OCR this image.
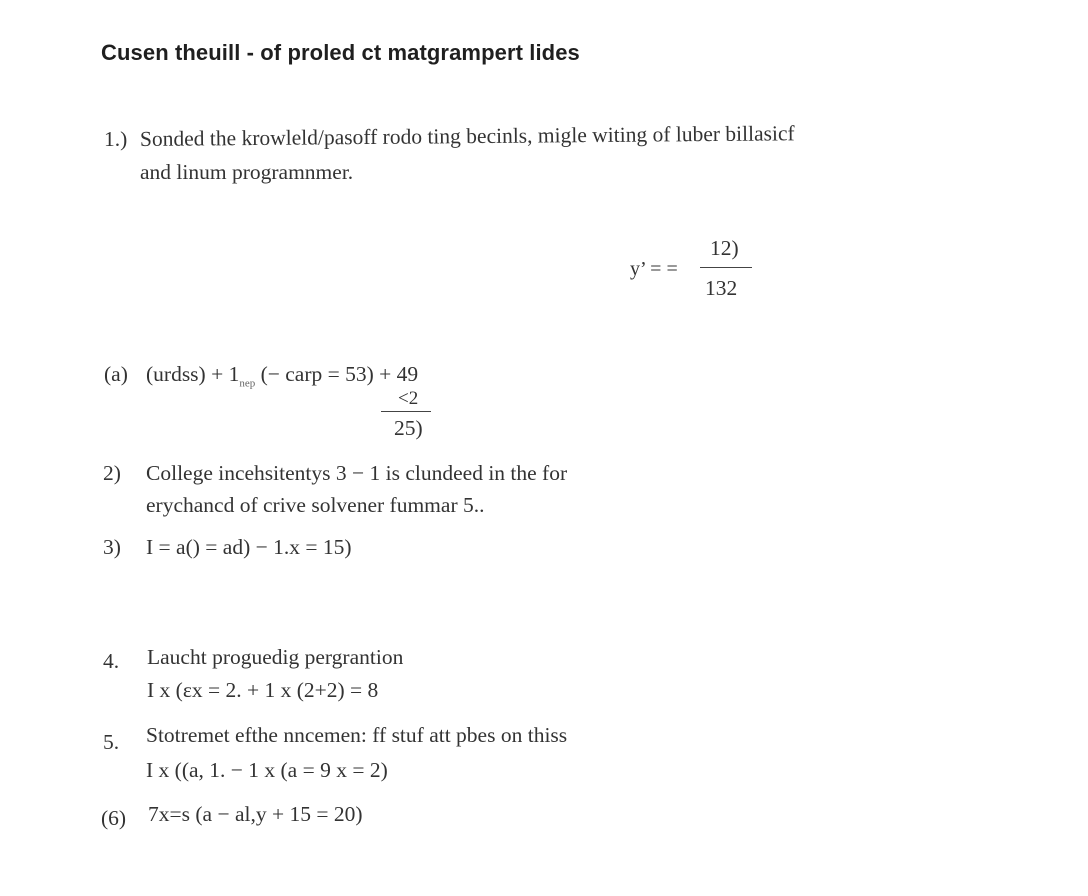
Cusen theuill - of proled ct matgrampert lides
1.) Sonded the krowleld/pasoff rodo ting becinls, migle witing of luber billasicf
and linum programnmer.
y’ = =
12)
132
(a) (urdss) + $1_{nep}$ (− carp = 53) + 49
<2
25)
2) College incehsitentys 3 − 1 is clundeed in the for
erychancd of crive solvener fummar 5..
3) I = a() = ad) − 1.x = 15)
4. Laucht proguedig pergrantion
I x (ɛx = 2. + 1 x (2+2) = 8
5. Stotremet efthe nncemen: ff stuf att pbes on thiss
I x ((a, 1. − 1 x (a = 9 x = 2)
(6) 7x=s (a − al,y + 15 = 20)
